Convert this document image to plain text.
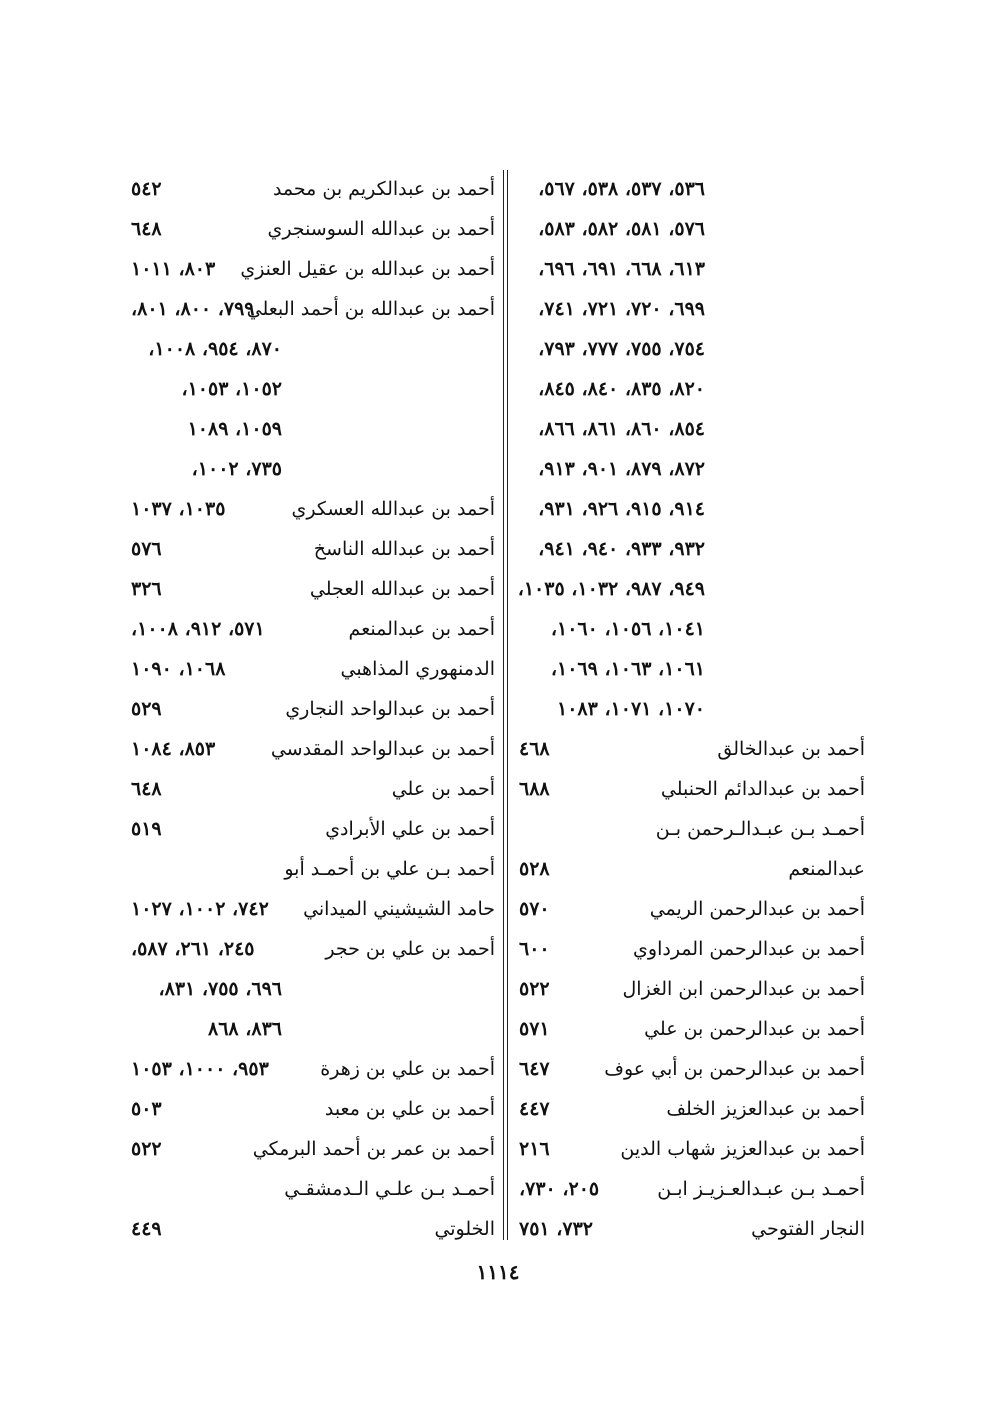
٥٣٦، ٥٣٧، ٥٣٨، ٥٦٧،
٥٧٦، ٥٨١، ٥٨٢، ٥٨٣،
٦١٣، ٦٦٨، ٦٩١، ٦٩٦،
٦٩٩، ٧٢٠، ٧٢١، ٧٤١،
٧٥٤، ٧٥٥، ٧٧٧، ٧٩٣،
٨٢٠، ٨٣٥، ٨٤٠، ٨٤٥،
٨٥٤، ٨٦٠، ٨٦١، ٨٦٦،
٨٧٢، ٨٧٩، ٩٠١، ٩١٣،
٩١٤، ٩١٥، ٩٢٦، ٩٣١،
٩٣٢، ٩٣٣، ٩٤٠، ٩٤١،
٩٤٩، ٩٨٧، ١٠٣٢، ١٠٣٥،
١٠٤١، ١٠٥٦، ١٠٦٠،
١٠٦١، ١٠٦٣، ١٠٦٩،
١٠٧٠، ١٠٧١، ١٠٨٣
أحمد بن عبدالخالق
٤٦٨
أحمد بن عبدالدائم الحنبلي
٦٨٨
أحمـد بـن عبـدالـرحمن بـن
عبدالمنعم
٥٢٨
أحمد بن عبدالرحمن الريمي
٥٧٠
أحمد بن عبدالرحمن المرداوي
٦٠٠
أحمد بن عبدالرحمن ابن الغزال
٥٢٢
أحمد بن عبدالرحمن بن علي
٥٧١
أحمد بن عبدالرحمن بن أبي عوف
٦٤٧
أحمد بن عبدالعزيز الخلف
٤٤٧
أحمد بن عبدالعزيز شهاب الدين
٢١٦
أحمـد بـن عبـدالعـزيـز ابـن
٢٠٥، ٧٣٠،
النجار الفتوحي
٧٣٢، ٧٥١
أحمد بن عبدالكريم بن محمد
٥٤٢
أحمد بن عبدالله السوسنجري
٦٤٨
أحمد بن عبدالله بن عقيل العنزي
٨٠٣، ١٠١١
أحمد بن عبدالله بن أحمد البعلي
٧٩٩، ٨٠٠، ٨٠١،
٨٧٠، ٩٥٤، ١٠٠٨،
١٠٥٢، ١٠٥٣،
١٠٥٩، ١٠٨٩
٧٣٥، ١٠٠٢،
أحمد بن عبدالله العسكري
١٠٣٥، ١٠٣٧
أحمد بن عبدالله الناسخ
٥٧٦
أحمد بن عبدالله العجلي
٣٢٦
أحمد بن عبدالمنعم
٥٧١، ٩١٢، ١٠٠٨،
الدمنهوري المذاهبي
١٠٦٨، ١٠٩٠
أحمد بن عبدالواحد النجاري
٥٢٩
أحمد بن عبدالواحد المقدسي
٨٥٣، ١٠٨٤
أحمد بن علي
٦٤٨
أحمد بن علي الأبرادي
٥١٩
أحمد بـن علي بن أحمـد أبو
حامد الشيشيني الميداني
٧٤٢، ١٠٠٢، ١٠٢٧
أحمد بن علي بن حجر
٢٤٥، ٢٦١، ٥٨٧،
٦٩٦، ٧٥٥، ٨٣١،
٨٣٦، ٨٦٨
أحمد بن علي بن زهرة
٩٥٣، ١٠٠٠، ١٠٥٣
أحمد بن علي بن معبد
٥٠٣
أحمد بن عمر بن أحمد البرمكي
٥٢٢
أحمـد بـن علـي الـدمشقـي
الخلوتي
٤٤٩
١١١٤
